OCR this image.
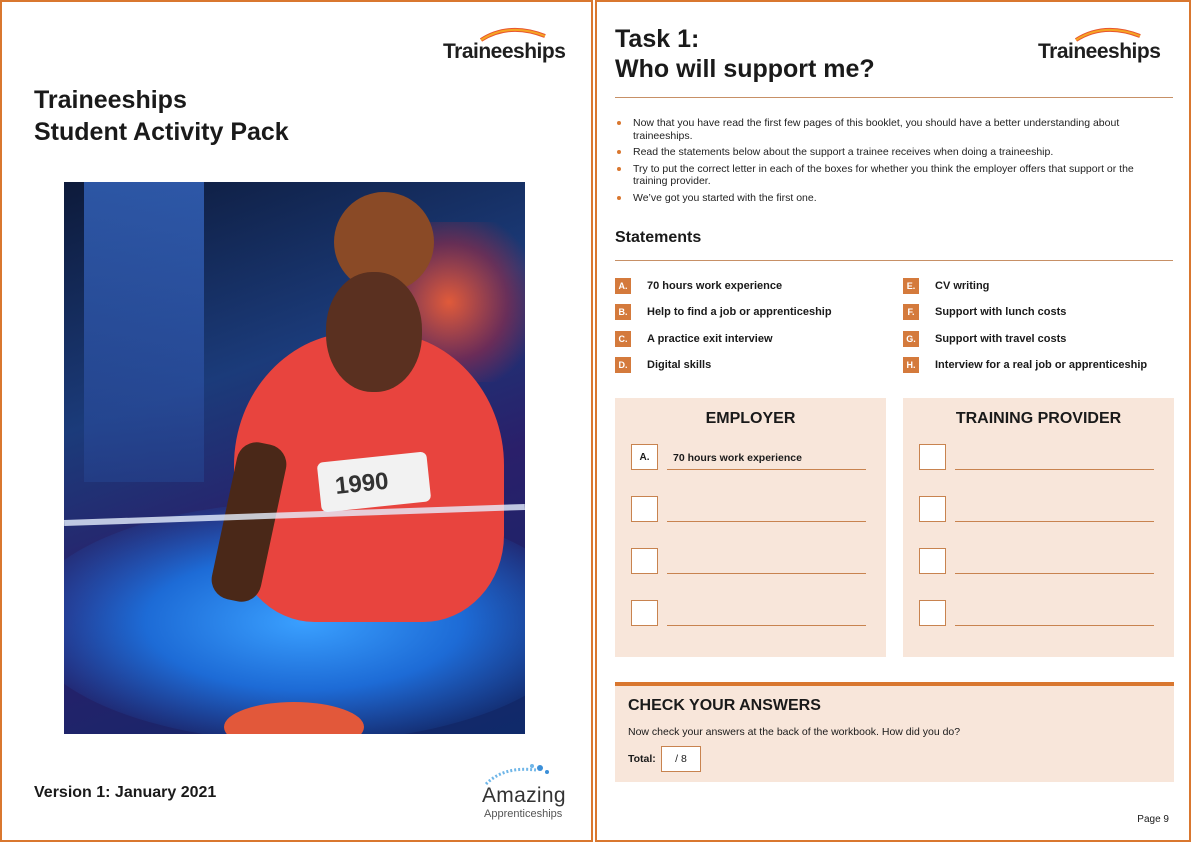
Traineeships
Traineeships
Student Activity Pack
1990
Version 1: January 2021	Amazing
Apprenticeships
Task 1:
Who will support me?
Traineeships
Now that you have read the first few pages of this booklet, you should have a better understanding about traineeships.
Read the statements below about the support a trainee receives when doing a traineeship.
Try to put the correct letter in each of the boxes for whether you think the employer offers that support or the training provider.
We’ve got you started with the first one.
Statements
A.	70 hours work experience
B.	Help to find a job or apprenticeship
C.	A practice exit interview
D.	Digital skills
E.	CV writing
F.	Support with lunch costs
G. Support with travel costs
H.	Interview for a real job or apprenticeship
EMPLOYER
A.	70 hours work experience
TRAINING PROVIDER
CHECK YOUR ANSWERS

Now check your answers at the back of the workbook. How did you do?

Total:	/ 8
Page 9
